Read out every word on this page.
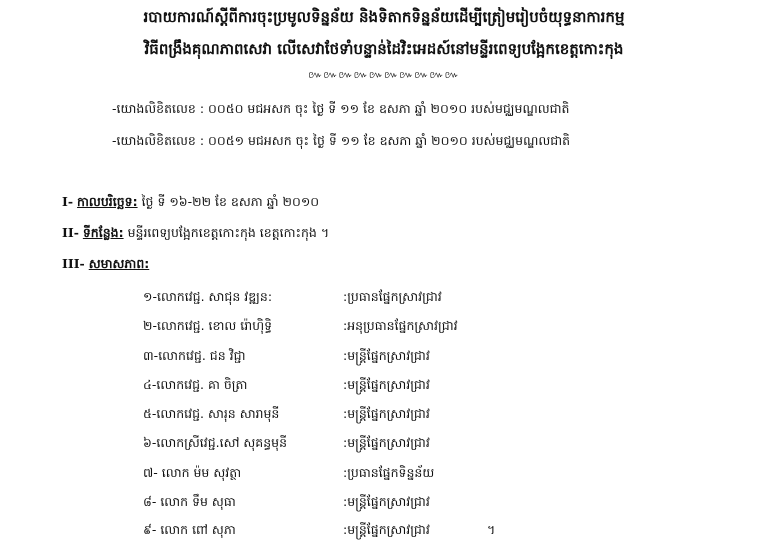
របាយការណ៍ស្ដីពីការចុះប្រមូលទិន្នន័យ និងទិតាកទិន្នន័យដើម្បីត្រៀមរៀបចំយុទ្ធនាការកម្ម
វិធីពង្រឹងគុណភាពសេវា លើសេវាថែទាំបន្ទាន់ដៃវិះអេដស៍នៅមន្ទីរពេទ្យបង្អែកខេត្តកោះកុង
៚៚៚៚៚៚៚៚៚៚
-យោងលិខិតលេខ : ០០៥០ មជអសក ចុះ ថ្ងៃ ទី ១១ ខែ ឧសភា ឆ្នាំ ២០១០ របស់មជ្ឈមណ្ឌលជាតិ
-យោងលិខិតលេខ : ០០៥១ មជអសក ចុះ ថ្ងៃ ទី ១១ ខែ ឧសភា ឆ្នាំ ២០១០ របស់មជ្ឈមណ្ឌលជាតិ
I- កាលបរិច្ឆេទ: ថ្ងៃ ទី ១៦-២២ ខែ ឧសភា ឆ្នាំ ២០១០
II- ទីកន្លែង: មន្ទីរពេទ្យបង្អែកខេត្តកោះកុង ខេត្តកោះកុង ។
III- សមាសភាព:
១-លោកវេជ្ជ. សាជុន វឌ្ឍន:	:ប្រធានផ្នែកស្រាវជ្រាវ
២-លោកវេជ្ជ. ខោល រ៉ោហ៊ិទ្ធិ	:អនុប្រធានផ្នែកស្រាវជ្រាវ
៣-លោកវេជ្ជ. ជន វិជ្ជា	:មន្ត្រីផ្នែកស្រាវជ្រាវ
៤-លោកវេជ្ជ. គា ចិត្រា	:មន្ត្រីផ្នែកស្រាវជ្រាវ
៥-លោកវេជ្ជ. សារុន សារាមុនី	:មន្ត្រីផ្នែកស្រាវជ្រាវ
៦-លោកស្រីវេជ្ជ.សៅ សុគន្ធមុនី	:មន្ត្រីផ្នែកស្រាវជ្រាវ
៧- លោក ម៉ម សុវត្ថា	:ប្រធានផ្នែកទិន្នន័យ
៨- លោក ទឹម សុធា	:មន្ត្រីផ្នែកស្រាវជ្រាវ
៩- លោក ពៅ សុភា	:មន្ត្រីផ្នែកស្រាវជ្រាវ	។
